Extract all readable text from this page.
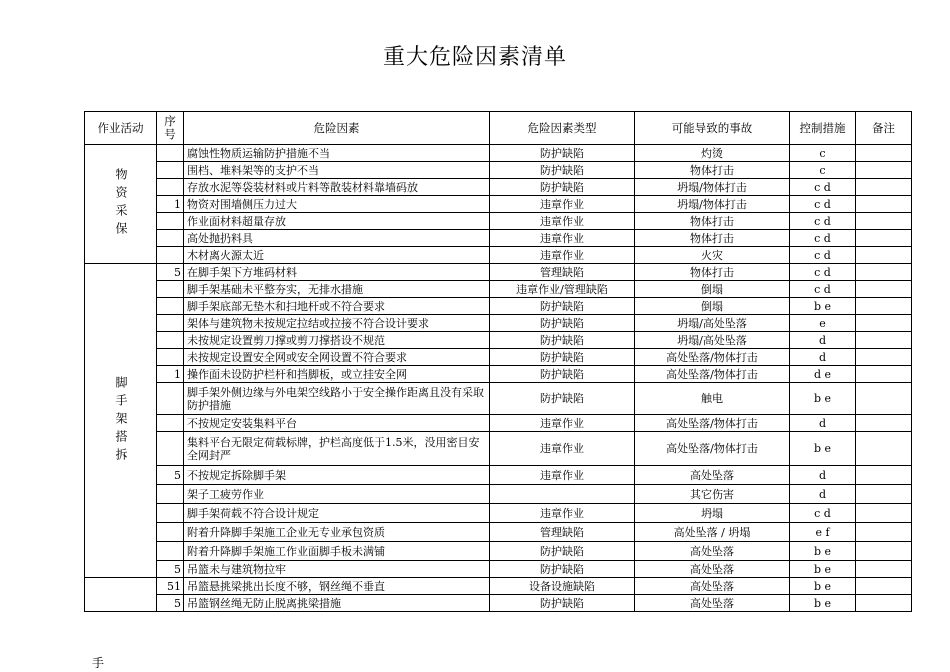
重大危险因素清单
作业活动	序号	危险因素	危险因素类型	可能导致的事故	控制措施	备注
物资采保		腐蚀性物质运输防护措施不当	防护缺陷	灼烫	c	
		围档、堆料架等的支护不当	防护缺陷	物体打击	c	
		存放水泥等袋装材料或片料等散装材料靠墙码放	防护缺陷	坍塌/物体打击	c d	
	1	物资对围墙侧压力过大	违章作业	坍塌/物体打击	c d	
		作业面材料超量存放	违章作业	物体打击	c d	
		高处抛扔料具	违章作业	物体打击	c d	
		木材离火源太近	违章作业	火灾	c d	
脚手架搭拆	5	在脚手架下方堆码材料	管理缺陷	物体打击	c d	
		脚手架基础未平整夯实，无排水措施	违章作业/管理缺陷	倒塌	c d	
		脚手架底部无垫木和扫地杆或不符合要求	防护缺陷	倒塌	b e	
		架体与建筑物未按规定拉结或拉接不符合设计要求	防护缺陷	坍塌/高处坠落	e	
		未按规定设置剪刀撑或剪刀撑搭设不规范	防护缺陷	坍塌/高处坠落	d	
		未按规定设置安全网或安全网设置不符合要求	防护缺陷	高处坠落/物体打击	d	
	1	操作面未设防护栏杆和挡脚板，或立挂安全网	防护缺陷	高处坠落/物体打击	d e	
		脚手架外侧边缘与外电架空线路小于安全操作距离且没有采取防护措施	防护缺陷	触电	b e	
		不按规定安装集料平台	违章作业	高处坠落/物体打击	d	
		集料平台无限定荷载标牌，护栏高度低于1.5米，没用密目安全网封严	违章作业	高处坠落/物体打击	b e	
	5	不按规定拆除脚手架	违章作业	高处坠落	d	
		架子工疲劳作业		其它伤害	d	
		脚手架荷载不符合设计规定	违章作业	坍塌	c d	
		附着升降脚手架施工企业无专业承包资质	管理缺陷	高处坠落 / 坍塌	e f	
		附着升降脚手架施工作业面脚手板未满铺	防护缺陷	高处坠落	b e	
	5	吊篮未与建筑物拉牢	防护缺陷	高处坠落	b e	
	51	吊篮悬挑梁挑出长度不够，钢丝绳不垂直	设备设施缺陷	高处坠落	b e	
	5	吊篮钢丝绳无防止脱离挑梁措施	防护缺陷	高处坠落	b e	
手
